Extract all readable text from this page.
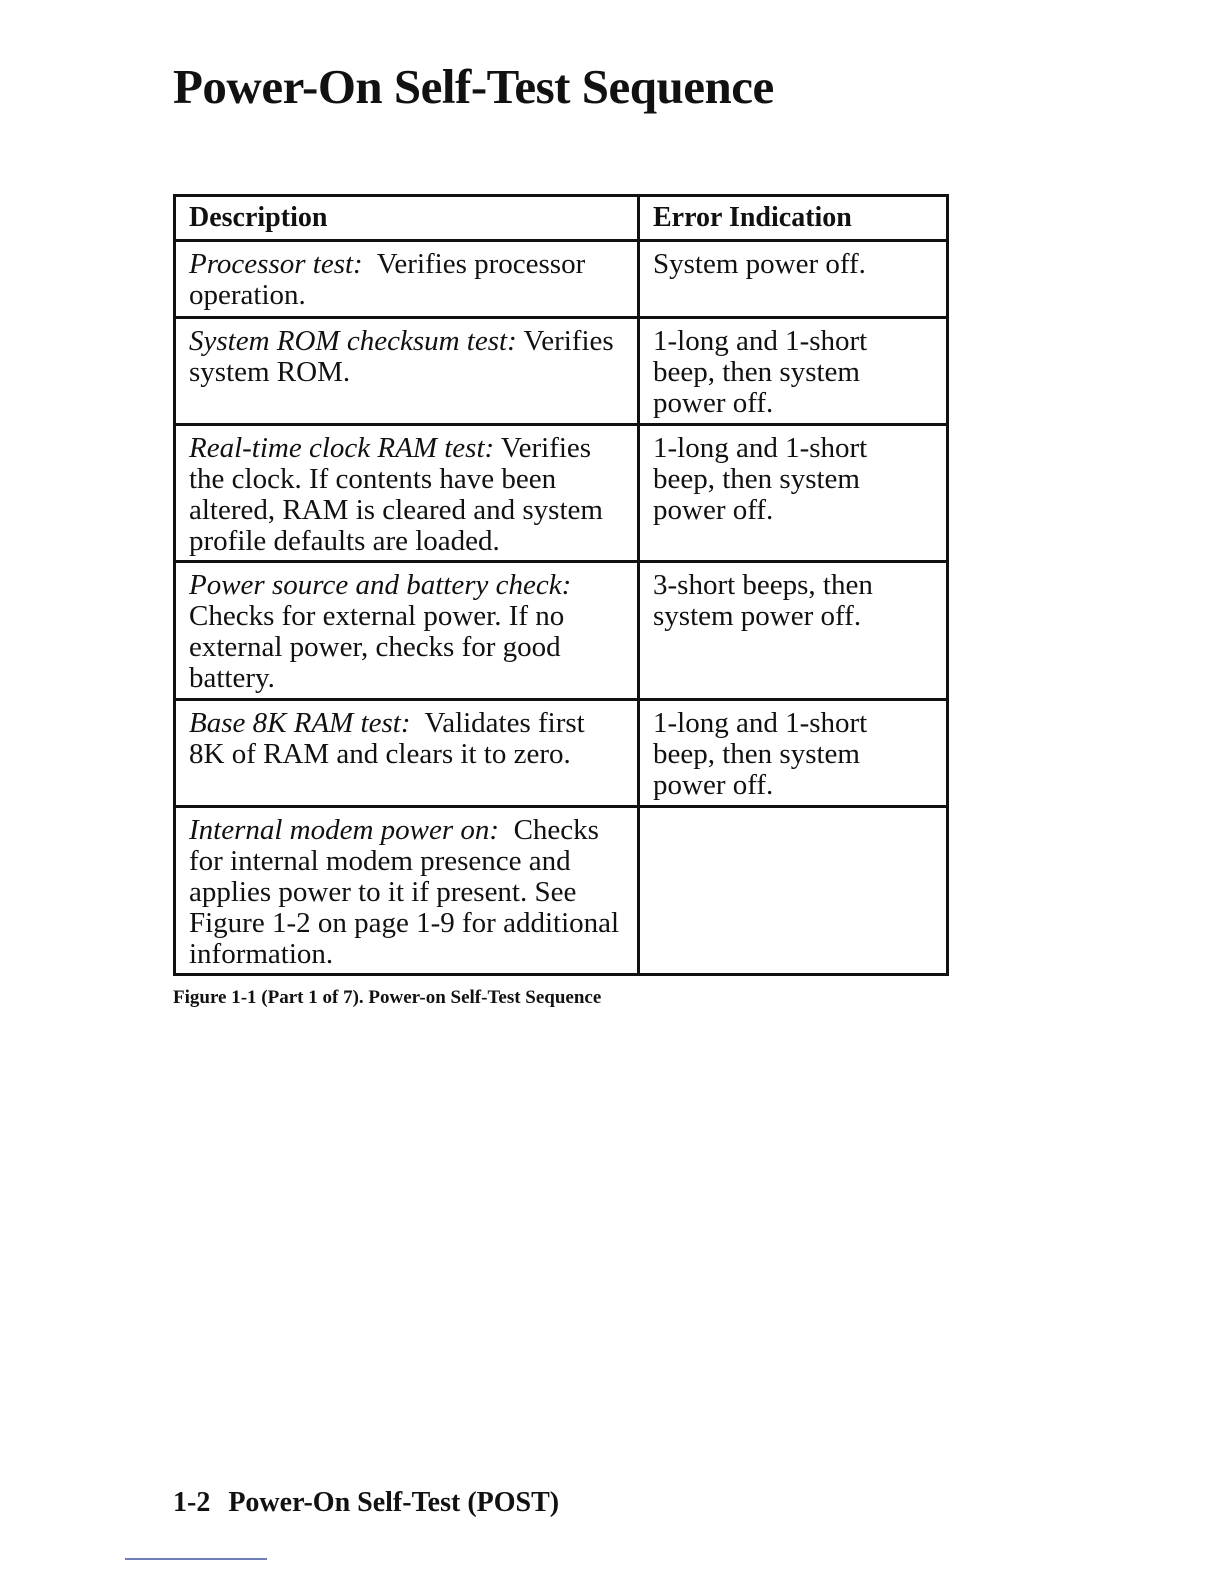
Power-On Self-Test Sequence
Description	Error Indication
Processor test: Verifies processor operation.	System power off.
System ROM checksum test: Verifies system ROM.	1-long and 1-short beep, then system power off.
Real-time clock RAM test: Verifies the clock. If contents have been altered, RAM is cleared and system profile defaults are loaded.	1-long and 1-short beep, then system power off.
Power source and battery check: Checks for external power. If no external power, checks for good battery.	3-short beeps, then system power off.
Base 8K RAM test: Validates first 8K of RAM and clears it to zero.	1-long and 1-short beep, then system power off.
Internal modem power on: Checks for internal modem presence and applies power to it if present. See Figure 1-2 on page 1-9 for additional information.	

Figure 1-1 (Part 1 of 7). Power-on Self-Test Sequence

1-2 Power-On Self-Test (POST)
